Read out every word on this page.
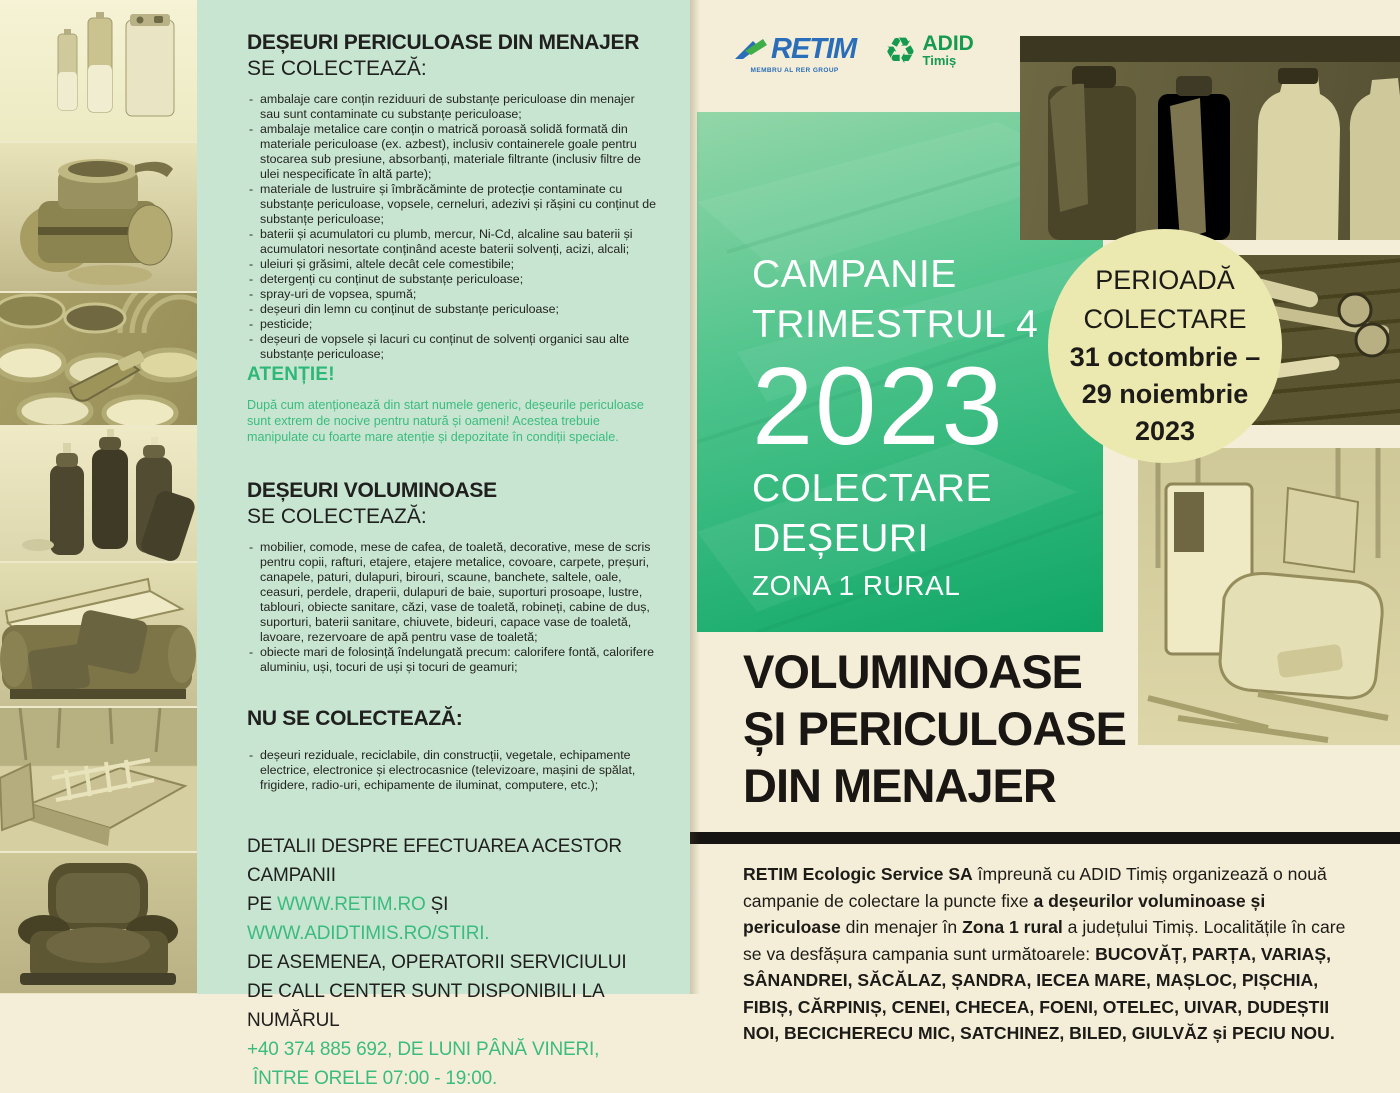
DEȘEURI PERICULOASE DIN MENAJER
SE COLECTEAZĂ:
- ambalaje care conțin reziduuri de substanțe periculoase din menajer sau sunt contaminate cu substanțe periculoase;
- ambalaje metalice care conțin o matrică poroasă solidă formată din materiale periculoase (ex. azbest), inclusiv containerele goale pentru stocarea sub presiune, absorbanți, materiale filtrante (inclusiv filtre de ulei nespecificate în altă parte);
- materiale de lustruire și îmbrăcăminte de protecție contaminate cu substanțe periculoase, vopsele, cerneluri, adezivi și rășini cu conținut de substanțe periculoase;
- baterii și acumulatori cu plumb, mercur, Ni-Cd, alcaline sau baterii și acumulatori nesortate conținând aceste baterii solvenți, acizi, alcali;
- uleiuri și grăsimi, altele decât cele comestibile;
- detergenți cu conținut de substanțe periculoase;
- spray-uri de vopsea, spumă;
- deșeuri din lemn cu conținut de substanțe periculoase;
- pesticide;
- deșeuri de vopsele și lacuri cu conținut de solvenți organici sau alte substanțe periculoase;
ATENȚIE!
După cum atenționează din start numele generic, deșeurile periculoase sunt extrem de nocive pentru natură și oameni! Acestea trebuie manipulate cu foarte mare atenție și depozitate în condiții speciale.
DEȘEURI VOLUMINOASE
SE COLECTEAZĂ:
- mobilier, comode, mese de cafea, de toaletă, decorative, mese de scris pentru copii, rafturi, etajere, etajere metalice, covoare, carpete, preșuri, canapele, paturi, dulapuri, birouri, scaune, banchete, saltele, oale, ceasuri, perdele, draperii, dulapuri de baie, suporturi prosoape, lustre, tablouri, obiecte sanitare, căzi, vase de toaletă, robineți, cabine de duș, suporturi, baterii sanitare, chiuvete, bideuri, capace vase de toaletă, lavoare, rezervoare de apă pentru vase de toaletă;
- obiecte mari de folosință îndelungată precum: calorifere fontă, calorifere aluminiu, uși, tocuri de uși și tocuri de geamuri;
NU SE COLECTEAZĂ:
- deșeuri reziduale, reciclabile, din construcții, vegetale, echipamente electrice, electronice și electrocasnice (televizoare, mașini de spălat, frigidere, radio-uri, echipamente de iluminat, computere, etc.);
DETALII DESPRE EFECTUAREA ACESTOR CAMPANII
PE WWW.RETIM.RO ȘI WWW.ADIDTIMIS.RO/STIRI.
DE ASEMENEA, OPERATORII SERVICIULUI
DE CALL CENTER SUNT DISPONIBILI LA NUMĂRUL
+40 374 885 692, DE LUNI PÂNĂ VINERI,
ÎNTRE ORELE 07:00 - 19:00.
RETIM
MEMBRU AL RER GROUP ♻ ADID
Timiș
CAMPANIE
TRIMESTRUL 4
2023
COLECTARE
DEȘEURI
ZONA 1 RURAL
PERIOADĂ
COLECTARE
31 octombrie –
29 noiembrie
2023
VOLUMINOASE
ȘI PERICULOASE
DIN MENAJER

RETIM Ecologic Service SA împreună cu ADID Timiș organizează o nouă campanie de colectare la puncte fixe a deșeurilor voluminoase și periculoase din menajer în Zona 1 rural a județului Timiș. Localitățile în care se va desfășura campania sunt următoarele: BUCOVĂȚ, PARȚA, VARIAȘ, SÂNANDREI, SĂCĂLAZ, ȘANDRA, IECEA MARE, MAȘLOC, PIȘCHIA, FIBIȘ, CĂRPINIȘ, CENEI, CHECEA, FOENI, OTELEC, UIVAR, DUDEȘTII NOI, BECICHERECU MIC, SATCHINEZ, BILED, GIULVĂZ și PECIU NOU.
